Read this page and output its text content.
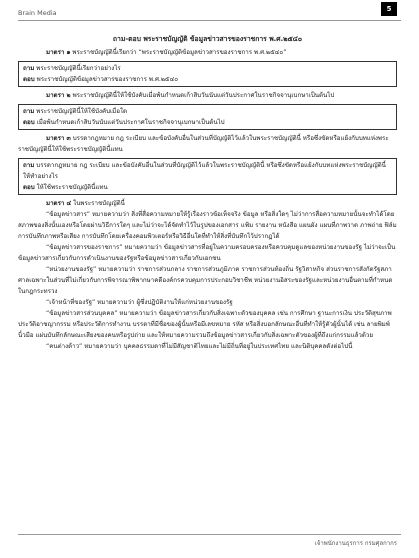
Brain Media	5

ถาม-ตอบ พระราชบัญญัติ ข้อมูลข่าวสารของราชการ พ.ศ.๒๕๔๐

มาตรา ๑ พระราชบัญญัตินี้เรียกว่า “พระราชบัญญัติข้อมูลข่าวสารของราชการ พ.ศ.๒๕๔๐”

ถาม พระราชบัญญัตินี้เรียกว่าอย่างไร

ตอบ พระราชบัญญัติข้อมูลข่าวสารของราชการ พ.ศ.๒๕๔๐

มาตรา ๒ พระราชบัญญัตินี้ให้ใช้บังคับเมื่อพ้นกำหนดเก้าสิบวันนับแต่วันประกาศในราชกิจจานุเบกษาเป็นต้นไป

ถาม พระราชบัญญัตินี้ให้ใช้บังคับเมื่อใด

ตอบ เมื่อพ้นกำหนดเก้าสิบวันนับแต่วันประกาศในราชกิจจานุเบกษาเป็นต้นไป

มาตรา ๓ บรรดากฎหมาย กฎ ระเบียบ และข้อบังคับอื่นในส่วนที่บัญญัติไว้แล้วในพระราชบัญญัตินี้ หรือซึ่งขัดหรือแย้งกับบทแห่งพระราชบัญญัตินี้ให้ใช้พระราชบัญญัตินี้แทน

ถาม บรรดากฎหมาย กฎ ระเบียบ และข้อบังคับอื่นในส่วนที่บัญญัติไว้แล้วในพระราชบัญญัตินี้ หรือซึ่งขัดหรือแย้งกับบทแห่งพระราชบัญญัตินี้ให้ทำอย่างไร

ตอบ ให้ใช้พระราชบัญญัตินี้แทน

มาตรา ๔ ในพระราชบัญญัตินี้

“ข้อมูลข่าวสาร” หมายความว่า สิ่งที่สื่อความหมายให้รู้เรื่องราวข้อเท็จจริง ข้อมูล หรือสิ่งใดๆ ไม่ว่าการสื่อความหมายนั้นจะทำได้โดยสภาพของสิ่งนั้นเองหรือโดยผ่านวิธีการใดๆ และไม่ว่าจะได้จัดทำไว้ในรูปของเอกสาร แฟ้ม รายงาน หนังสือ แผนผัง แผนที่ภาพวาด ภาพถ่าย ฟิล์ม การบันทึกภาพหรือเสียง การบันทึกโดยเครื่องคอมพิวเตอร์หรือวิธีอื่นใดที่ทำให้สิ่งที่บันทึกไว้ปรากฏได้

“ข้อมูลข่าวสารของราชการ” หมายความว่า ข้อมูลข่าวสารที่อยู่ในความครอบครองหรือควบคุมดูแลของหน่วยงานของรัฐ ไม่ว่าจะเป็นข้อมูลข่าวสารเกี่ยวกับการดำเนินงานของรัฐหรือข้อมูลข่าวสารเกี่ยวกับเอกชน

“หน่วยงานของรัฐ” หมายความว่า ราชการส่วนกลาง ราชการส่วนภูมิภาค ราชการส่วนท้องถิ่น รัฐวิสาหกิจ ส่วนราชการสังกัดรัฐสภา ศาลเฉพาะในส่วนที่ไม่เกี่ยวกับการพิจารณาพิพากษาคดีองค์กรควบคุมการประกอบวิชาชีพ หน่วยงานอิสระของรัฐและหน่วยงานอื่นตามที่กำหนดในกฎกระทรวง

“เจ้าหน้าที่ของรัฐ” หมายความว่า ผู้ซึ่งปฏิบัติงานให้แก่หน่วยงานของรัฐ

“ข้อมูลข่าวสารส่วนบุคคล” หมายความว่า ข้อมูลข่าวสารเกี่ยวกับสิ่งเฉพาะตัวของบุคคล เช่น การศึกษา ฐานะการเงิน ประวัติสุขภาพ ประวัติอาชญากรรม หรือประวัติการทำงาน บรรดาที่มีชื่อของผู้นั้นหรือมีเลขหมาย รหัส หรือสิ่งบอกลักษณะอื่นที่ทำให้รู้ตัวผู้นั้นได้ เช่น ลายพิมพ์นิ้วมือ แผ่นบันทึกลักษณะเสียงของคนหรือรูปถ่าย และให้หมายความรวมถึงข้อมูลข่าวสารเกี่ยวกับสิ่งเฉพาะตัวของผู้ที่ถึงแก่กรรมแล้วด้วย

“คนต่างด้าว” หมายความว่า บุคคลธรรมดาที่ไม่มีสัญชาติไทยและไม่มีถิ่นที่อยู่ในประเทศไทย และนิติบุคคลดังต่อไปนี้

เจ้าพนักงานธุรการ กรมศุลกากร
